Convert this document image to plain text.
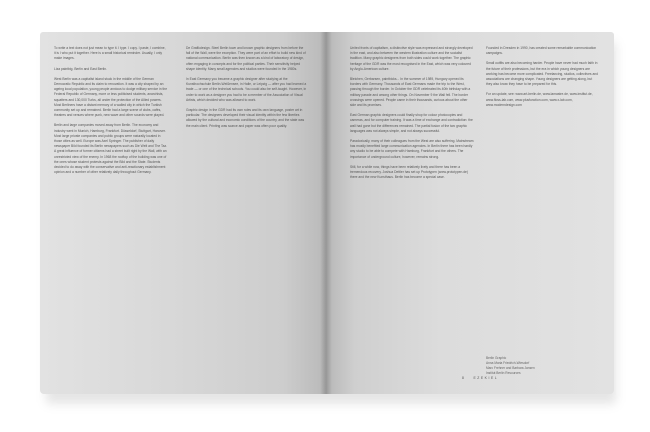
To write a text does not just mean to type it. I type. I copy. I paste, I combine, it is I who put it together. Here is a small historical reminder. Usually, I only make images.

Liza paintbig. Berlin and East Berlin.

West Berlin was a capitalist island stuck in the middle of the German Democratic Republic and its claim to renovation. It was a city shaped by an ageing local population, young people anxious to dodge military service in the Federal Republic of Germany, more or less politicised students, anarchists, squatters and 130,000 Turks, all under the protection of the Allied powers. Most Berliners have a distant memory of a walled city in which the Turkish community set up and remained. Berlin had a large scene of clubs, cafés, theatres and venues where punk, new wave and other sounds were played.

Berlin and large companies moved away from Berlin. The economy and industry went in Munich, Hamburg, Frankfurt. Düsseldorf, Stuttgart, Hanover. Most large private companies and public groups were naturally located in those cities as well. Europe was Axel Springer. The publisher of daily newspaper Bild founded its Berlin newspapers such as Die Welt and The Taz. A great influence of former citizens had a street built right by the Wall, with an unrestricted view of the enemy. In 1968 the rooftop of the building was one of the ones whose student protests against the Bild and the State. Students decided to do away with the conservative and anti-reactionary establishment opinion and a number of other relatively daily throughout Germany.

De Grafikdesign. Steel Berlin town and known graphic designers from before the fall of the Wall, were the exception. They were part of an effort to build new kind of national communication. Berlin was then known as a kind of laboratory of design, often engaging in concepts and for the political parties. Their sensitivity helped shape identity. Many small agencies and studios were founded in the 1980s.

In East Germany you became a graphic designer after studying at the Kunsthochschule Berlin-Weißensee, in Halle, or Leipzig — after you had learned a trade — or one of the technical schools. You could also be self-taught. However, in order to work as a designer you had to be a member of the Association of Visual Artists, which decided who was allowed to work.

Graphic design in the GDR had its own rules and its own language, poster art in particular. The designers developed their visual identity within the few liberties allowed by the cultural and economic conditions of the country, and the state was the main client. Printing was scarce and paper was often poor quality.

United fronts of capitalism, a distinctive style was expressed and strongly developed in the east, and also between the western illustration culture and the socialist tradition. Many graphic designers from both sides could work together. The graphic heritage of the GDR was the most recognised in the East, which was very coloured by Anglo-American culture.

Bleichen, Gerbarsen, paintbicks... In the summer of 1989, Hungary opened its borders with Germany. Thousands of East Germans made the trip to the West, passing through the border. In October the GDR celebrated its 40th birthday with a military parade and among other things. On November 9 the Wall fell. The border crossings were opened. People came in their thousands, curious about the other side and its promises.

East German graphic designers could finally shop for colour photocopies and cameras, and for computer training. It was a time of exchange and contradiction: the wall had gone but the differences remained. The partial fusion of the two graphic languages was not always simple, and not always successful.

Paradoxically, many of their colleagues from the West are also suffering. Mainstream has mostly benefited large communication agencies. In Berlin there has been hardly any studio to be able to compete with Hamburg, Frankfurt and the others. The importance of underground culture, however, remains strong.

Still, for a while now, things have been relatively lively and there has been a tremendous recovery. Joshua Dettler has set up Prototypen (www.prototypen.de) there and the new Kunsthaus. Berlin has become a special case.

Founded in Dresden in 1990, has created some remarkable communication campaigns.

Small outfits are also becoming harder. People have never had much faith in the future of their professions, but the era in which young designers are working has become more complicated. Freelancing, studios, collectives and associations are changing shape. Young designers are getting along, but they also know they have to be prepared for this.

For an update, see: www.art-berlin.de, www.lamastre.de, www.institut.de, www.floss-lab.com, www.plusfunction.com, www.x-lab.com, www.moderndesign.com

Berlin Graphic
Anna Maria Friedrich-Wiesdorf
Marc Frehner and Barbara Jansen
Institut Berlin Resources
8	E Z E K I E L
